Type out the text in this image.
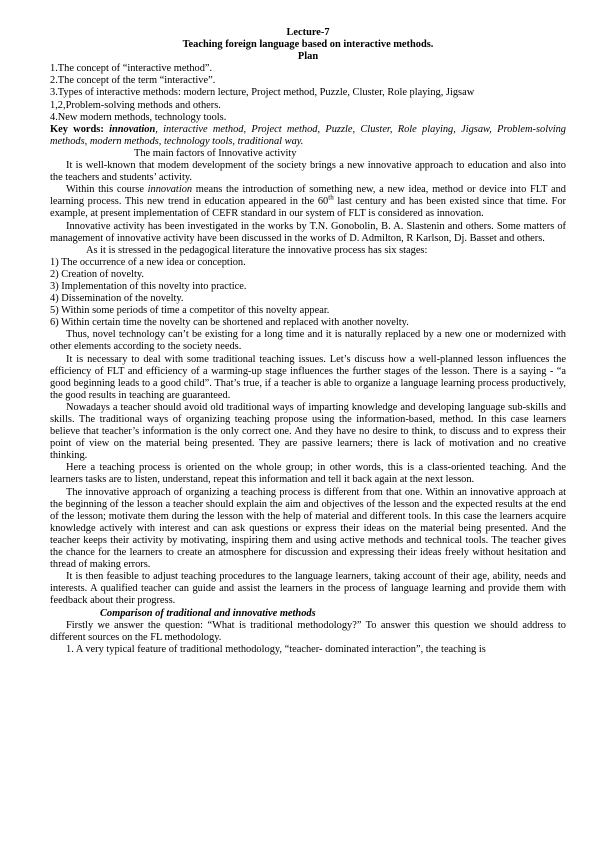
Lecture-7
Teaching foreign language based on interactive methods.
Plan
1.The concept of “interactive method”.
2.The concept of the term “interactive”.
3.Types of interactive methods: modern lecture, Project method, Puzzle, Cluster, Role playing, Jigsaw
1,2,Problem-solving methods and others.
4.New modern methods, technology tools.

Key words: innovation, interactive method, Project method, Puzzle, Cluster, Role playing, Jigsaw, Problem-solving methods, modern methods, technology tools, traditional way.

The main factors of Innovative activity

It is well-known that modem development of the society brings a new innovative approach to education and also into the teachers and students’ activity.

Within this course innovation means the introduction of something new, a new idea, method or device into FLT and learning process. This new trend in education appeared in the 60th last century and has been existed since that time. For example, at present implementation of CEFR standard in our system of FLT is considered as innovation.

Innovative activity has been investigated in the works by T.N. Gonobolin, B. A. Slastenin and others. Some matters of management of innovative activity have been discussed in the works of D. Admilton, R Karlson, Dj. Basset and others.

As it is stressed in the pedagogical literature the innovative process has six stages:

1) The occurrence of a new idea or conception.
2) Creation of novelty.
3) Implementation of this novelty into practice.
4) Dissemination of the novelty.
5) Within some periods of time a competitor of this novelty appear.
6) Within certain time the novelty can be shortened and replaced with another novelty.

Thus, novel technology can’t be existing for a long time and it is naturally replaced by a new one or modernized with other elements according to the society needs.

It is necessary to deal with some traditional teaching issues. Let’s discuss how a well-planned lesson influences the efficiency of FLT and efficiency of a warming-up stage influences the further stages of the lesson. There is a saying - “a good beginning leads to a good child”. That’s true, if a teacher is able to organize a language learning process productively, the good results in teaching are guaranteed.

Nowadays a teacher should avoid old traditional ways of imparting knowledge and developing language sub-skills and skills. The traditional ways of organizing teaching propose using the information-based, method. In this case learners believe that teacher’s information is the only correct one. And they have no desire to think, to discuss and to express their point of view on the material being presented. They are passive learners; there is lack of motivation and no creative thinking.

Here a teaching process is oriented on the whole group; in other words, this is a class-oriented teaching. And the learners tasks are to listen, understand, repeat this information and tell it back again at the next lesson.

The innovative approach of organizing a teaching process is different from that one. Within an innovative approach at the beginning of the lesson a teacher should explain the aim and objectives of the lesson and the expected results at the end of the lesson; motivate them during the lesson with the help of material and different tools. In this case the learners acquire knowledge actively with interest and can ask questions or express their ideas on the material being presented. And the teacher keeps their activity by motivating, inspiring them and using active methods and technical tools. The teacher gives the chance for the learners to create an atmosphere for discussion and expressing their ideas freely without hesitation and thread of making errors.

It is then feasible to adjust teaching procedures to the language learners, taking account of their age, ability, needs and interests. A qualified teacher can guide and assist the learners in the process of language learning and provide them with feedback about their progress.

Comparison of traditional and innovative methods

Firstly we answer the question: “What is traditional methodology?” To answer this question we should address to different sources on the FL methodology.

1. A very typical feature of traditional methodology, “teacher- dominated interaction”, the teaching is
